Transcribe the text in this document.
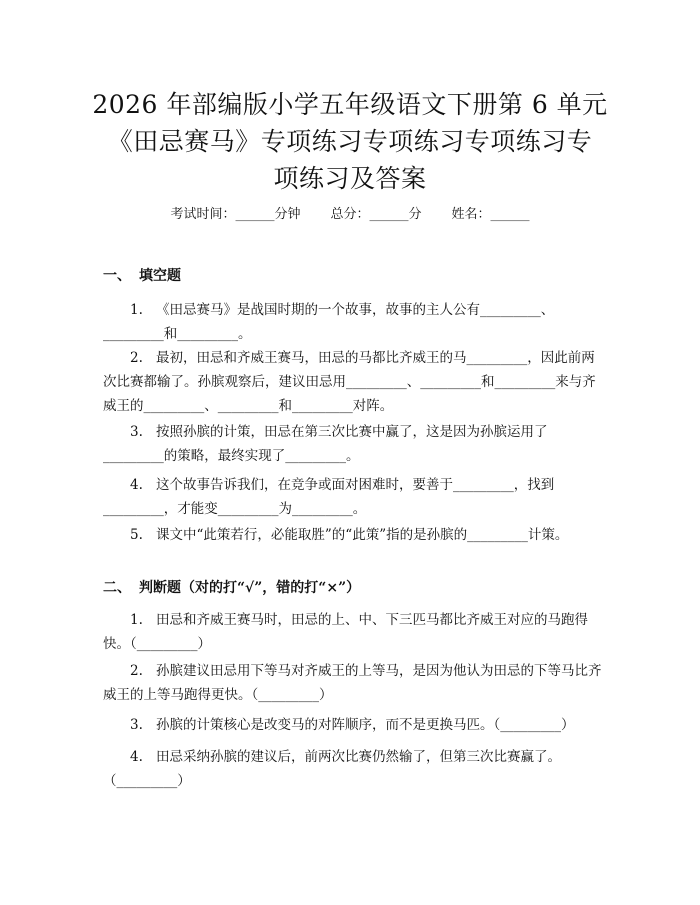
2026 年部编版小学五年级语文下册第 6 单元
《田忌赛马》专项练习专项练习专项练习专
项练习及答案
考试时间：______分钟 总分：______分 姓名：______
一、 填空题
1. 《田忌赛马》是战国时期的一个故事，故事的主人公有_________、_________和_________。
2. 最初，田忌和齐威王赛马，田忌的马都比齐威王的马_________，因此前两次比赛都输了。孙膑观察后，建议田忌用_________、_________和_________来与齐威王的_________、_________和_________对阵。
3. 按照孙膑的计策，田忌在第三次比赛中赢了，这是因为孙膑运用了_________的策略，最终实现了_________。
4. 这个故事告诉我们，在竞争或面对困难时，要善于_________，找到_________，才能变_________为_________。
5. 课文中“此策若行，必能取胜”的“此策”指的是孙膑的_________计策。
二、 判断题（对的打“√”，错的打“×”）
1. 田忌和齐威王赛马时，田忌的上、中、下三匹马都比齐威王对应的马跑得快。（_________）
2. 孙膑建议田忌用下等马对齐威王的上等马，是因为他认为田忌的下等马比齐威王的上等马跑得更快。（_________）
3. 孙膑的计策核心是改变马的对阵顺序，而不是更换马匹。（_________）
4. 田忌采纳孙膑的建议后，前两次比赛仍然输了，但第三次比赛赢了。（_________）
